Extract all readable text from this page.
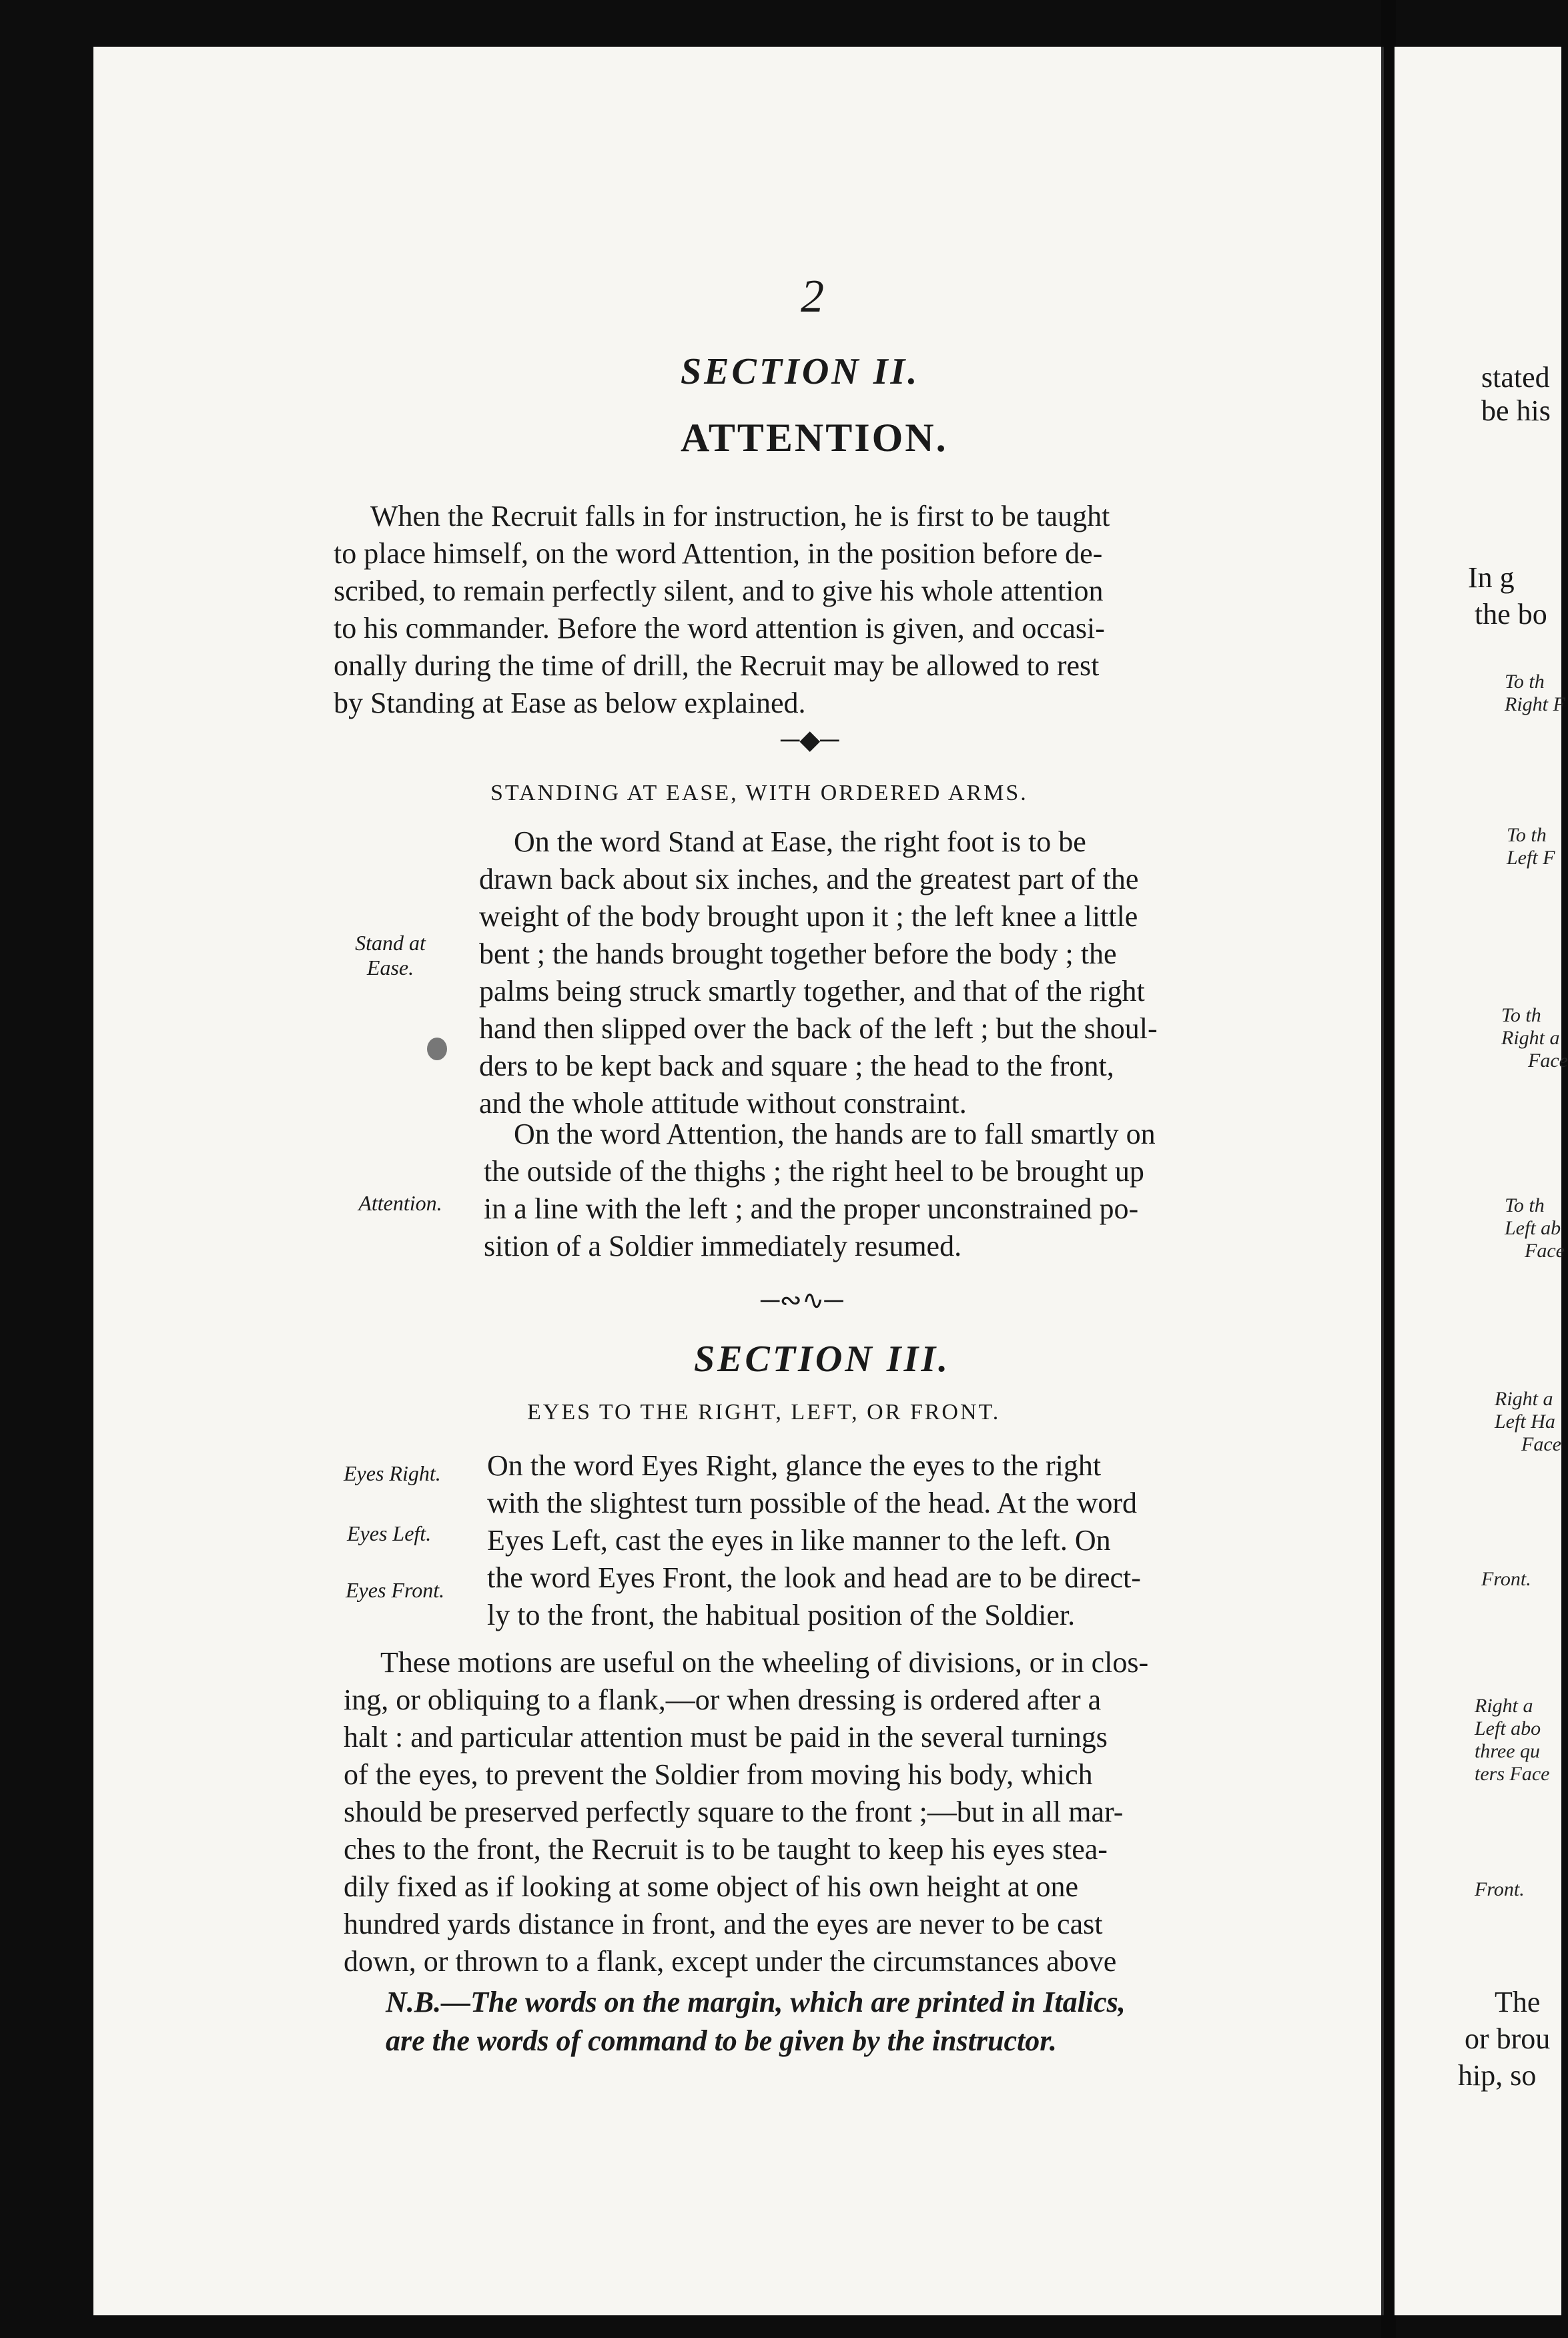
2
SECTION II.
ATTENTION.
When the Recruit falls in for instruction, he is first to be taught
to place himself, on the word Attention, in the position before de-
scribed, to remain perfectly silent, and to give his whole attention
to his commander. Before the word attention is given, and occasi-
onally during the time of drill, the Recruit may be allowed to rest
by Standing at Ease as below explained.
─◆─
STANDING AT EASE, WITH ORDERED ARMS.
Stand at
Ease.
On the word Stand at Ease, the right foot is to be
drawn back about six inches, and the greatest part of the
weight of the body brought upon it ; the left knee a little
bent ; the hands brought together before the body ; the
palms being struck smartly together, and that of the right
hand then slipped over the back of the left ; but the shoul-
ders to be kept back and square ; the head to the front,
and the whole attitude without constraint.
Attention.
On the word Attention, the hands are to fall smartly on
the outside of the thighs ; the right heel to be brought up
in a line with the left ; and the proper unconstrained po-
sition of a Soldier immediately resumed.
─∾∿─
SECTION III.
EYES TO THE RIGHT, LEFT, OR FRONT.
Eyes Right.
Eyes Left.
Eyes Front.
On the word Eyes Right, glance the eyes to the right
with the slightest turn possible of the head. At the word
Eyes Left, cast the eyes in like manner to the left. On
the word Eyes Front, the look and head are to be direct-
ly to the front, the habitual position of the Soldier.
These motions are useful on the wheeling of divisions, or in clos-
ing, or obliquing to a flank,—or when dressing is ordered after a
halt : and particular attention must be paid in the several turnings
of the eyes, to prevent the Soldier from moving his body, which
should be preserved perfectly square to the front ;—but in all mar-
ches to the front, the Recruit is to be taught to keep his eyes stea-
dily fixed as if looking at some object of his own height at one
hundred yards distance in front, and the eyes are never to be cast
down, or thrown to a flank, except under the circumstances above
N.B.—The words on the margin, which are printed in Italics,
are the words of command to be given by the instructor.
stated
be his
In g
the bo
To th
Right F
To th
Left F
To th
Right a
Face
To th
Left ab
Face
Right a
Left Ha
Face
Front.
Right a
Left abo
three qu
ters Face
Front.
The
or brou
hip, so
